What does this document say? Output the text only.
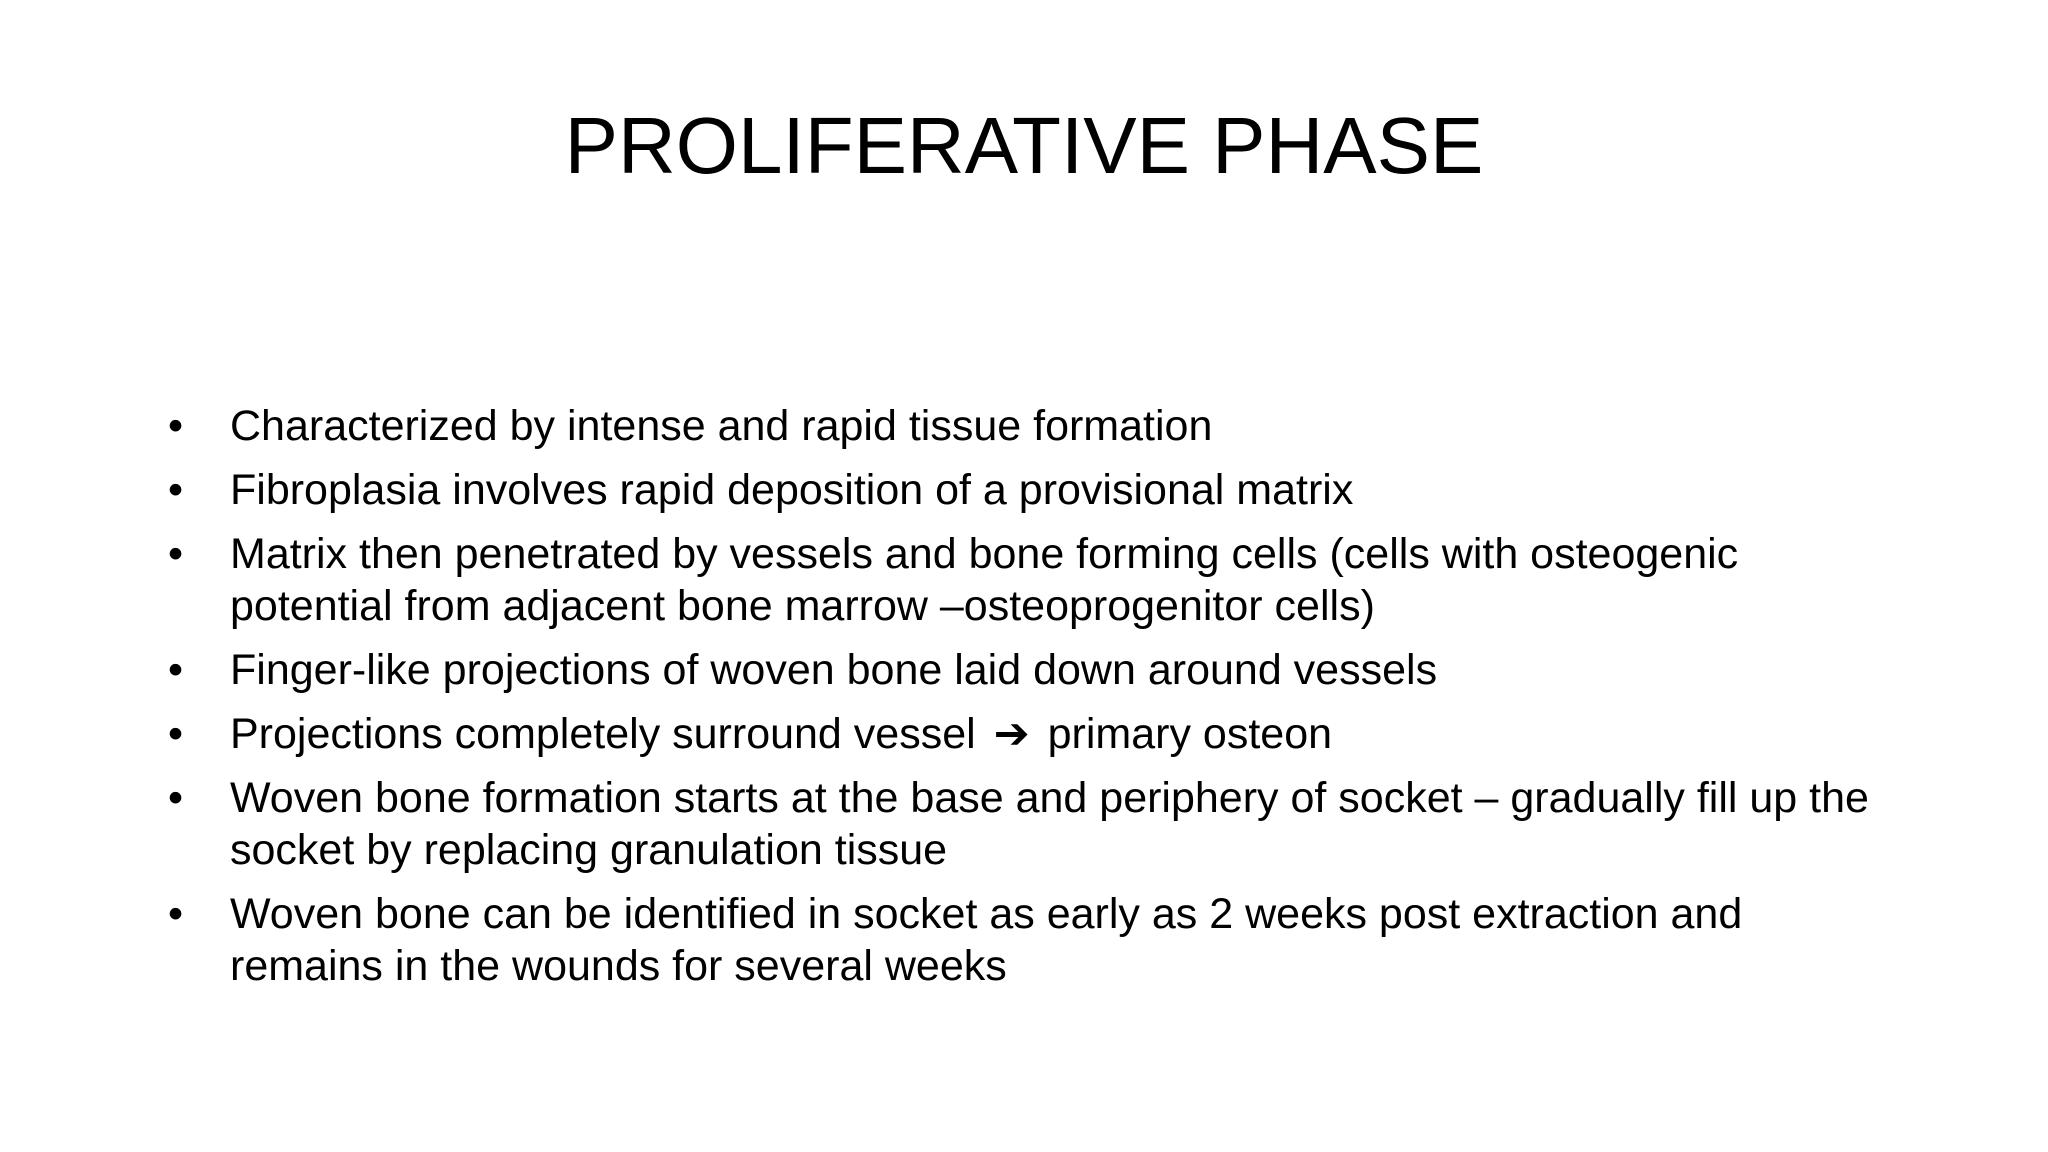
PROLIFERATIVE PHASE
•	Characterized by intense and rapid tissue formation
•	Fibroplasia involves rapid deposition of a provisional matrix
•	Matrix then penetrated by vessels and bone forming cells (cells with osteogenic potential from adjacent bone marrow –osteoprogenitor cells)
•	Finger-like projections of woven bone laid down around vessels
•	Projections completely surround vessel ➔ primary osteon
•	Woven bone formation starts at the base and periphery of socket – gradually fill up the socket by replacing granulation tissue
•	Woven bone can be identified in socket as early as 2 weeks post extraction and remains in the wounds for several weeks
